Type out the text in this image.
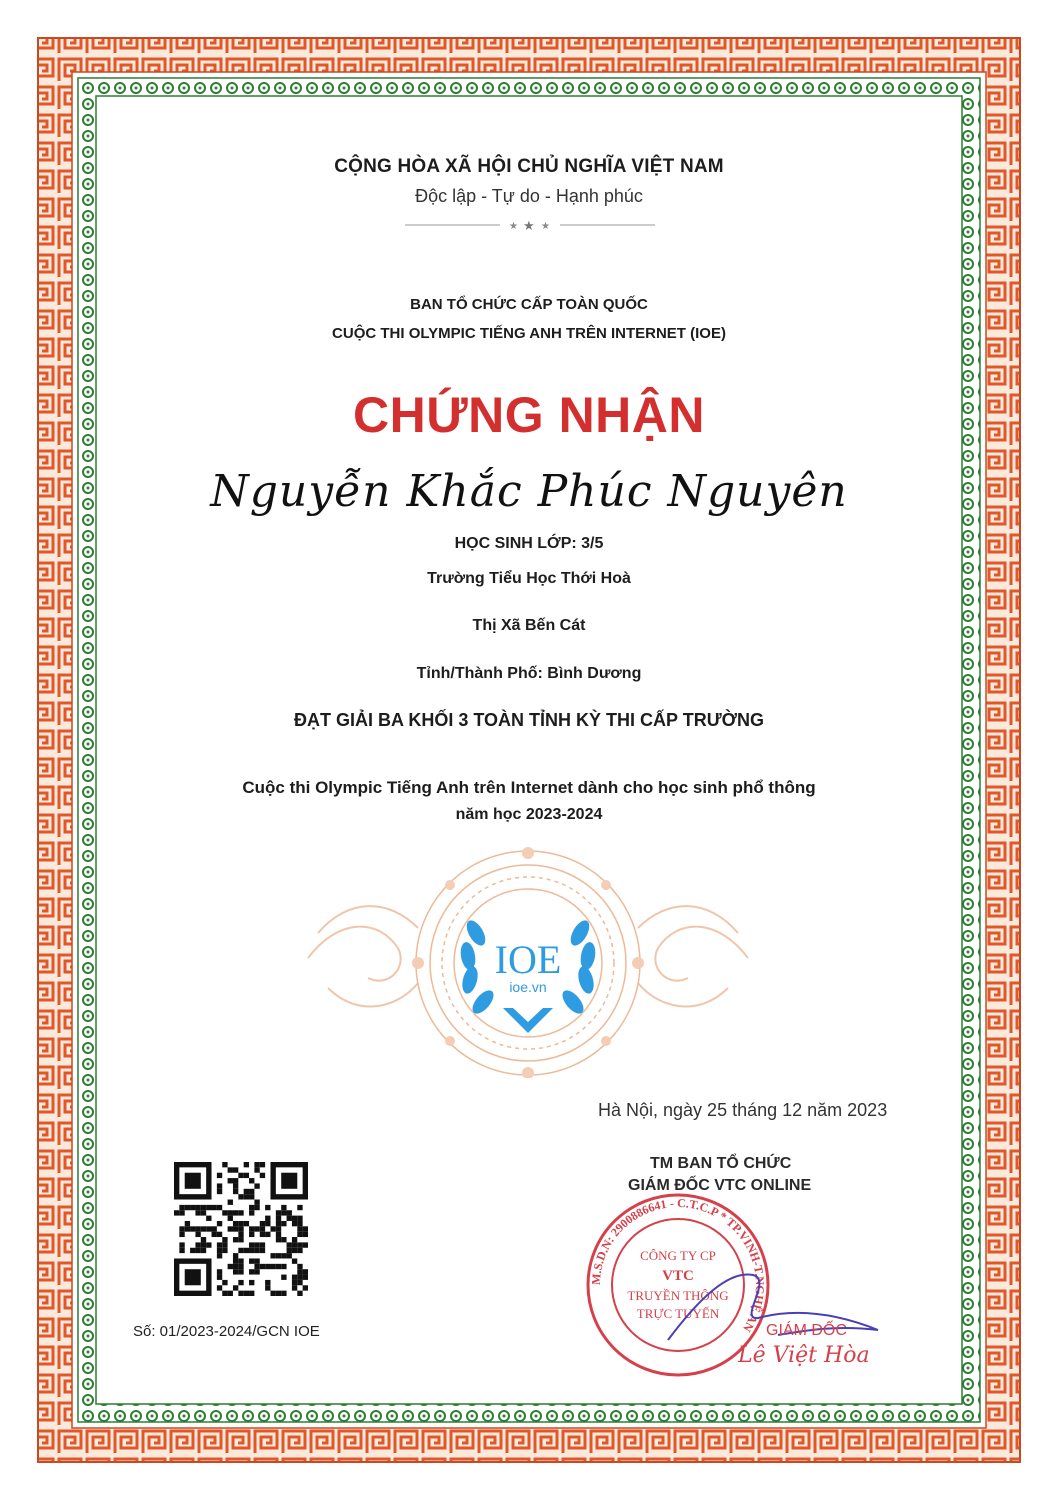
CỘNG HÒA XÃ HỘI CHỦ NGHĨA VIỆT NAM
Độc lập - Tự do - Hạnh phúc
★ ★ ★
BAN TỔ CHỨC CẤP TOÀN QUỐC
CUỘC THI OLYMPIC TIẾNG ANH TRÊN INTERNET (IOE)
CHỨNG NHẬN
Nguyễn Khắc Phúc Nguyên
HỌC SINH LỚP: 3/5
Trường Tiểu Học Thới Hoà
Thị Xã Bến Cát
Tỉnh/Thành Phố: Bình Dương
ĐẠT GIẢI BA KHỐI 3 TOÀN TỈNH KỲ THI CẤP TRƯỜNG
Cuộc thi Olympic Tiếng Anh trên Internet dành cho học sinh phổ thông
năm học 2023-2024
IOE
ioe.vn
Hà Nội, ngày 25 tháng 12 năm 2023
TM BAN TỔ CHỨC
GIÁM ĐỐC VTC ONLINE
M.S.D.N: 2900886641 - C.T.C.P * TP.VINH-T.NGHỆ AN
CÔNG TY CP
VTC
TRUYỀN THÔNG
TRỰC TUYẾN
GIÁM ĐỐC
Lê Việt Hòa
Số: 01/2023-2024/GCN IOE
